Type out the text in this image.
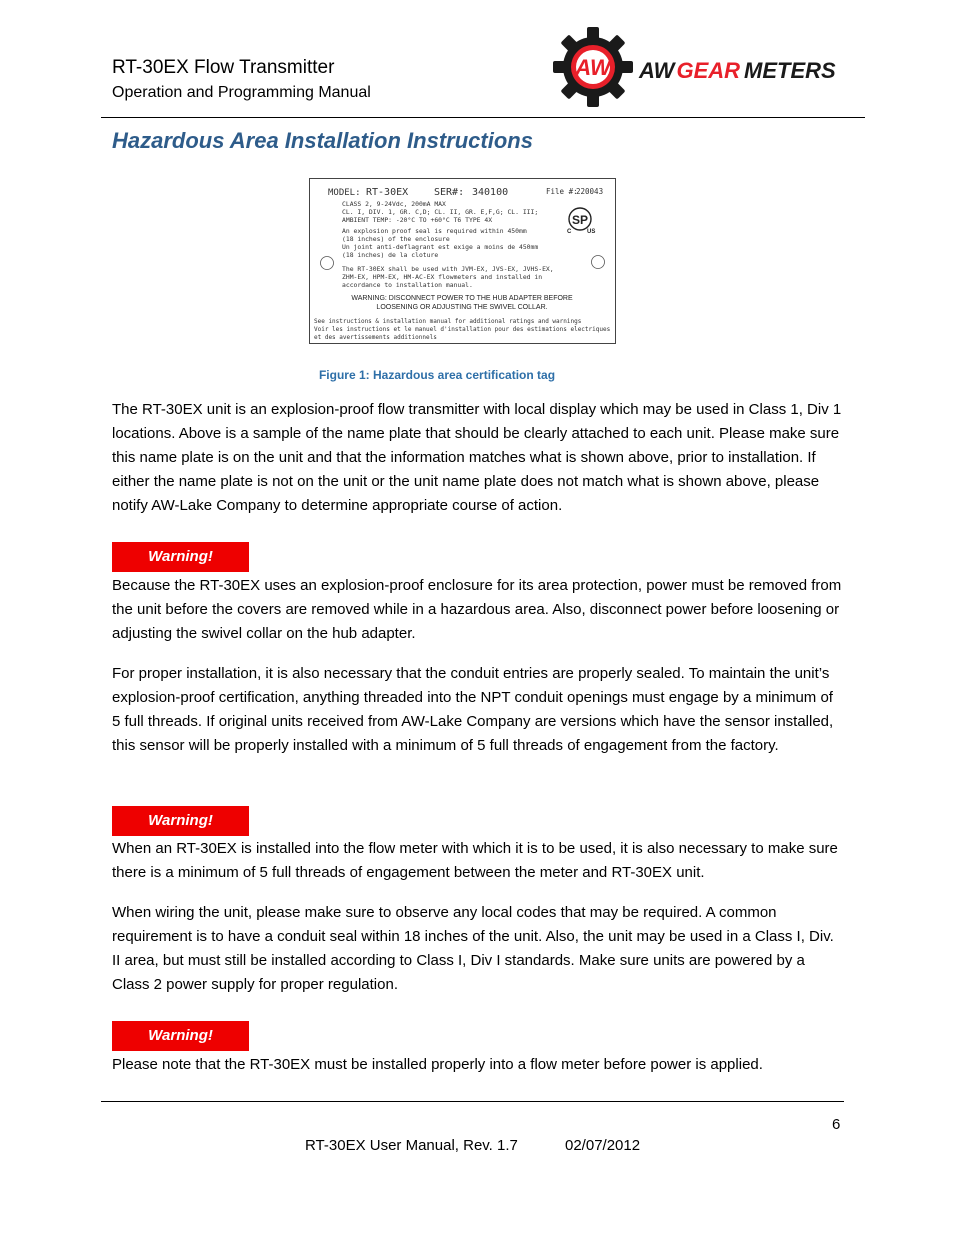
RT-30EX Flow Transmitter
Operation and Programming Manual
AW AWGEAR METERS
Hazardous Area Installation Instructions
MODEL: RT-30EX	SER#: 340100	File #:
220043
CLASS 2, 9-24Vdc, 200mA MAX
CL. I, DIV. 1, GR. C,D; CL. II, GR. E,F,G; CL. III;
AMBIENT TEMP: -20°C TO +60°C T6 TYPE 4X
An explosion proof seal is required within 450mm
(18 inches) of the enclosure
Un joint anti-deflagrant est exige a moins de 450mm
(18 inches) de la cloture
The RT-30EX shall be used with JVM-EX, JVS-EX, JVHS-EX,
ZHM-EX, HPM-EX, HM-AC-EX flowmeters and installed in
accordance to installation manual.
WARNING: DISCONNECT POWER TO THE HUB ADAPTER BEFORE
LOOSENING OR ADJUSTING THE SWIVEL COLLAR.
See instructions & installation manual for additional ratings and warnings
Voir les instructions et le manuel d'installation pour des estimations electriques
et des avertissements additionnels
SP
C	US
Figure 1: Hazardous area certification tag

The RT-30EX unit is an explosion-proof flow transmitter with local display which may be used in Class 1, Div 1 locations. Above is a sample of the name plate that should be clearly attached to each unit. Please make sure this name plate is on the unit and that the information matches what is shown above, prior to installation. If either the name plate is not on the unit or the unit name plate does not match what is shown above, please notify AW-Lake Company to determine appropriate course of action.

Warning!

Because the RT-30EX uses an explosion-proof enclosure for its area protection, power must be removed from the unit before the covers are removed while in a hazardous area. Also, disconnect power before loosening or adjusting the swivel collar on the hub adapter.

For proper installation, it is also necessary that the conduit entries are properly sealed. To maintain the unit’s explosion-proof certification, anything threaded into the NPT conduit openings must engage by a minimum of 5 full threads. If original units received from AW-Lake Company are versions which have the sensor installed, this sensor will be properly installed with a minimum of 5 full threads of engagement from the factory.

Warning!

When an RT-30EX is installed into the flow meter with which it is to be used, it is also necessary to make sure there is a minimum of 5 full threads of engagement between the meter and RT-30EX unit.

When wiring the unit, please make sure to observe any local codes that may be required. A common requirement is to have a conduit seal within 18 inches of the unit. Also, the unit may be used in a Class I, Div. II area, but must still be installed according to Class I, Div I standards. Make sure units are powered by a Class 2 power supply for proper regulation.

Warning!

Please note that the RT-30EX must be installed properly into a flow meter before power is applied.

6
RT-30EX User Manual, Rev. 1.7	02/07/2012
